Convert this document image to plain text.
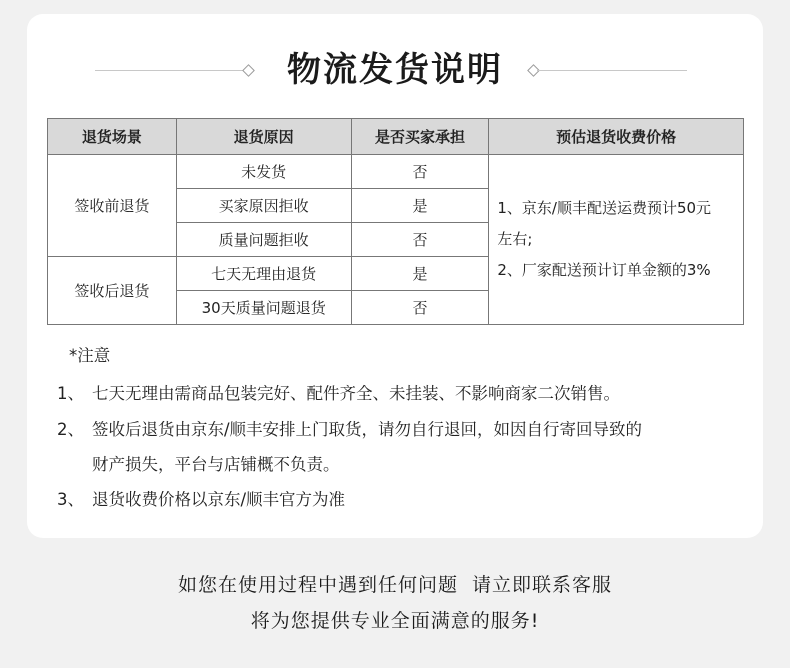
物流发货说明
退货场景	退货原因	是否买家承担	预估退货收费价格
签收前退货	未发货	否	1、京东/顺丰配送运费预计50元
左右;
2、厂家配送预计订单金额的3%

	买家原因拒收	是	
	质量问题拒收	否	
签收后退货	七天无理由退货	是	
	30天质量问题退货	否	
*注意
1、 七天无理由需商品包装完好、配件齐全、未挂装、不影响商家二次销售。
2、 签收后退货由京东/顺丰安排上门取货，请勿自行退回，如因自行寄回导致的
财产损失，平台与店铺概不负责。
3、 退货收费价格以京东/顺丰官方为准
如您在使用过程中遇到任何问题  请立即联系客服
将为您提供专业全面满意的服务!
